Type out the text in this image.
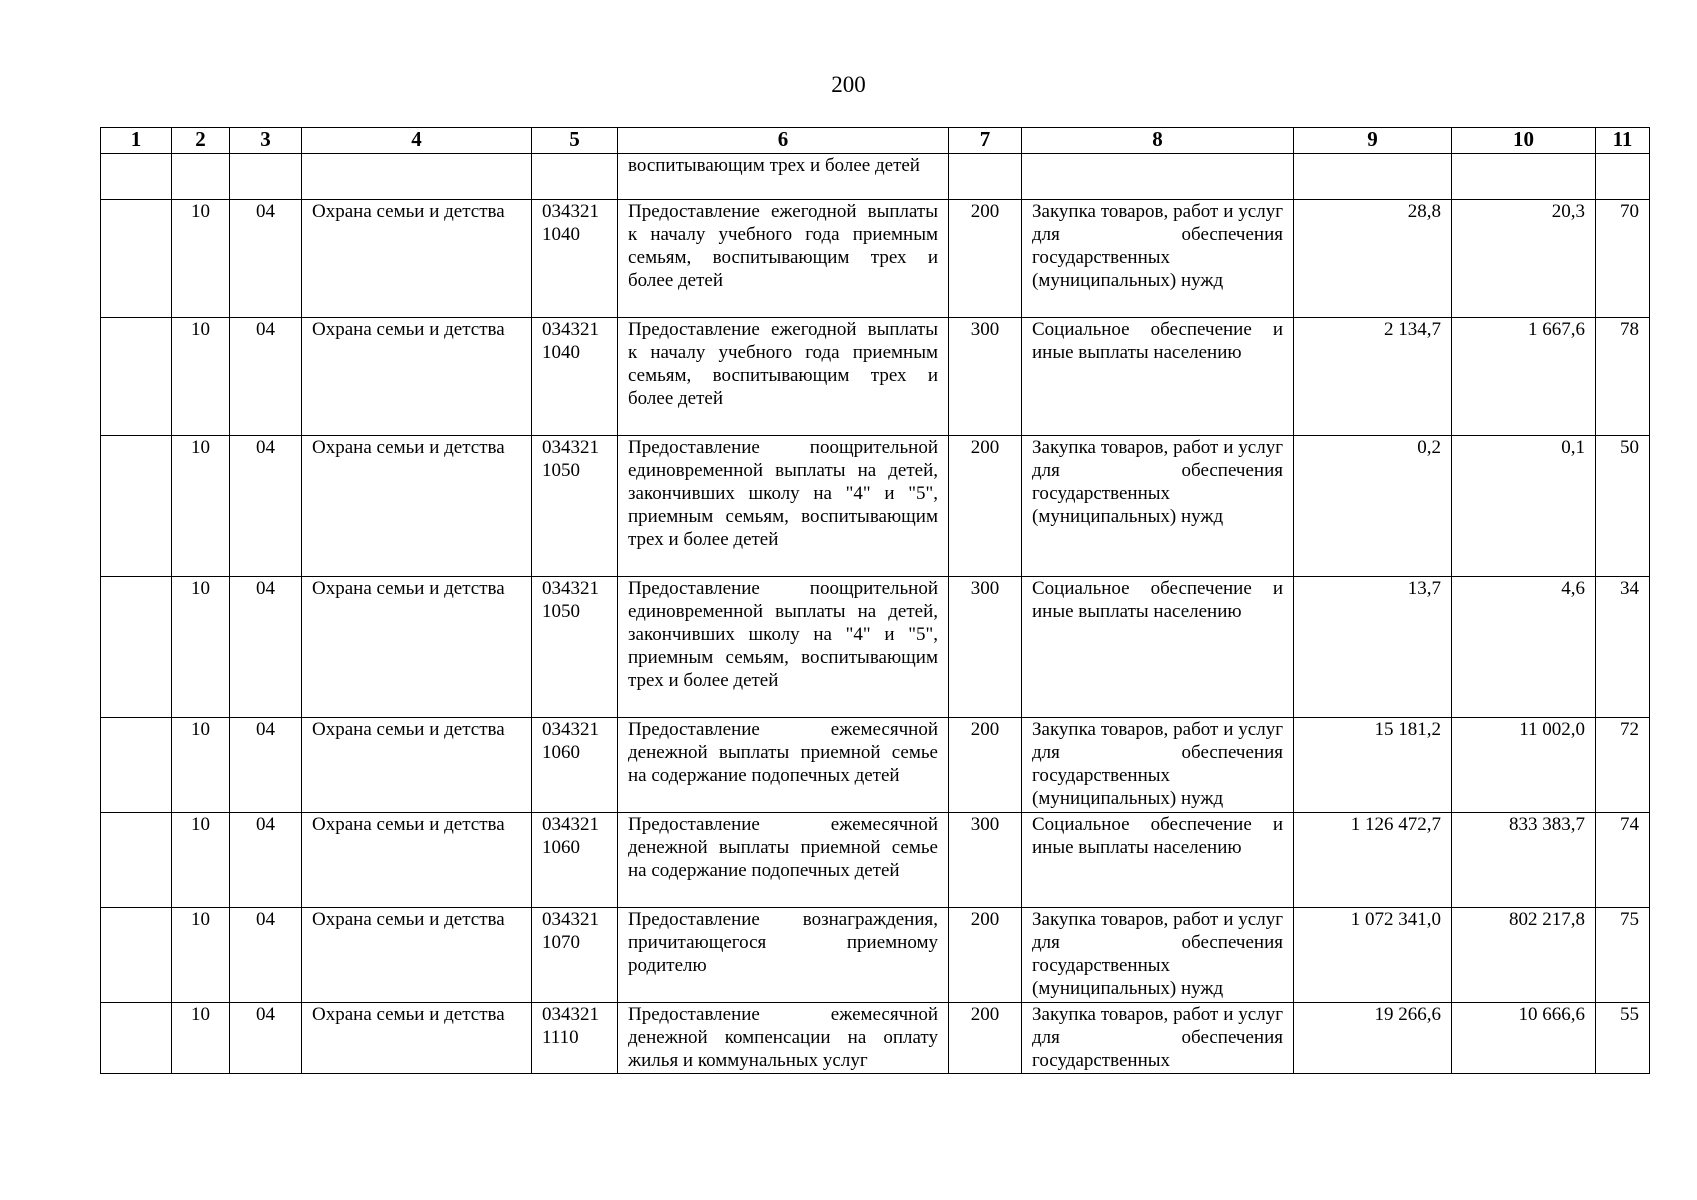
200
1	2	3	4	5	6	7	8	9	10	11
					воспитывающим трех и более детей					
	10	04	Охрана семьи и детства	034321 1040	Предоставление ежегодной выплаты к началу учебного года приемным семьям, воспитывающим трех и более детей	200	Закупка товаров, работ и услуг для обеспечения государственных (муниципальных) нужд	28,8	20,3	70
	10	04	Охрана семьи и детства	034321 1040	Предоставление ежегодной выплаты к началу учебного года приемным семьям, воспитывающим трех и более детей	300	Социальное обеспечение и иные выплаты населению	2 134,7	1 667,6	78
	10	04	Охрана семьи и детства	034321 1050	Предоставление поощрительной единовременной выплаты на детей, закончивших школу на "4" и "5", приемным семьям, воспитывающим трех и более детей	200	Закупка товаров, работ и услуг для обеспечения государственных (муниципальных) нужд	0,2	0,1	50
	10	04	Охрана семьи и детства	034321 1050	Предоставление поощрительной единовременной выплаты на детей, закончивших школу на "4" и "5", приемным семьям, воспитывающим трех и более детей	300	Социальное обеспечение и иные выплаты населению	13,7	4,6	34
	10	04	Охрана семьи и детства	034321 1060	Предоставление ежемесячной денежной выплаты приемной семье на содержание подопечных детей	200	Закупка товаров, работ и услуг для обеспечения государственных (муниципальных) нужд	15 181,2	11 002,0	72
	10	04	Охрана семьи и детства	034321 1060	Предоставление ежемесячной денежной выплаты приемной семье на содержание подопечных детей	300	Социальное обеспечение и иные выплаты населению	1 126 472,7	833 383,7	74
	10	04	Охрана семьи и детства	034321 1070	Предоставление вознаграждения, причитающегося приемному родителю	200	Закупка товаров, работ и услуг для обеспечения государственных (муниципальных) нужд	1 072 341,0	802 217,8	75
	10	04	Охрана семьи и детства	034321 1110	Предоставление ежемесячной денежной компенсации на оплату жилья и коммунальных услуг	200	Закупка товаров, работ и услуг для обеспечения государственных	19 266,6	10 666,6	55
